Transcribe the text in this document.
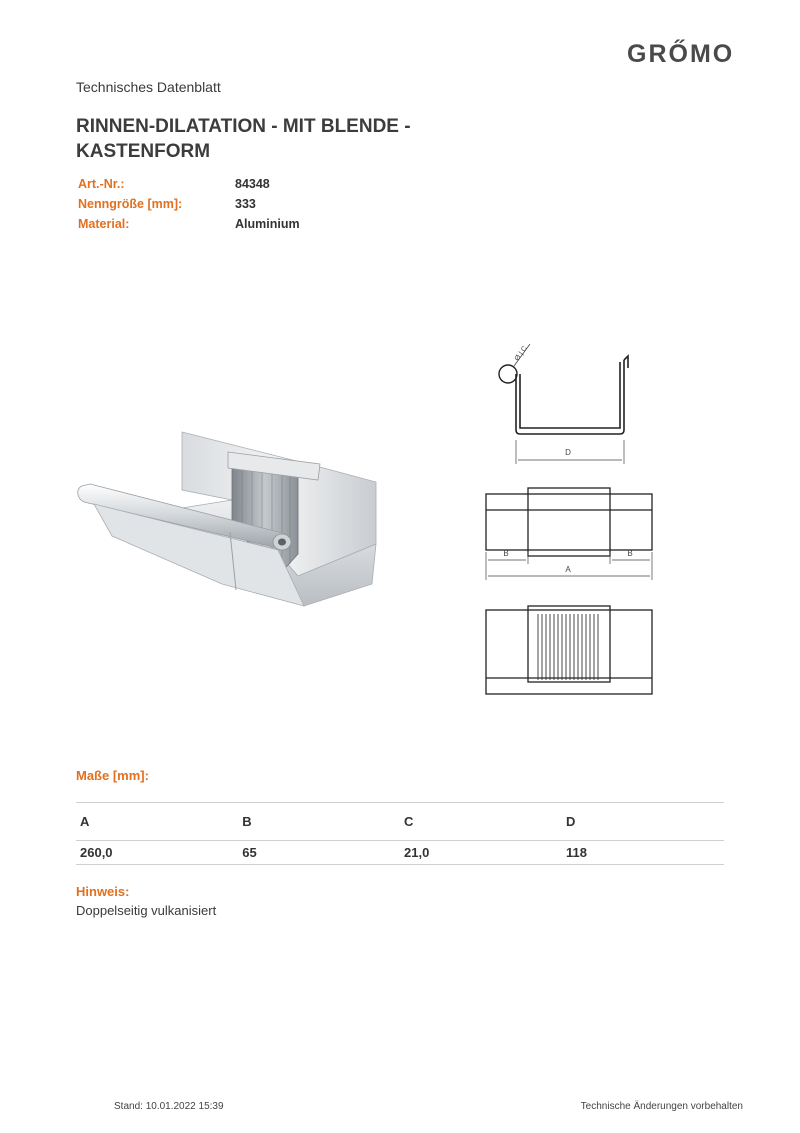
GRŐMO
Technisches Datenblatt
RINNEN-DILATATION - MIT BLENDE -
KASTENFORM
Art.-Nr.:	84348
Nenngröße [mm]:	333
Material:	Aluminium
Ø | C
D
B	B
A
Maße [mm]:
A	B	C	D
260,0	65	21,0	118
Hinweis:
Doppelseitig vulkanisiert
Stand: 10.01.2022 15:39	Technische Änderungen vorbehalten
